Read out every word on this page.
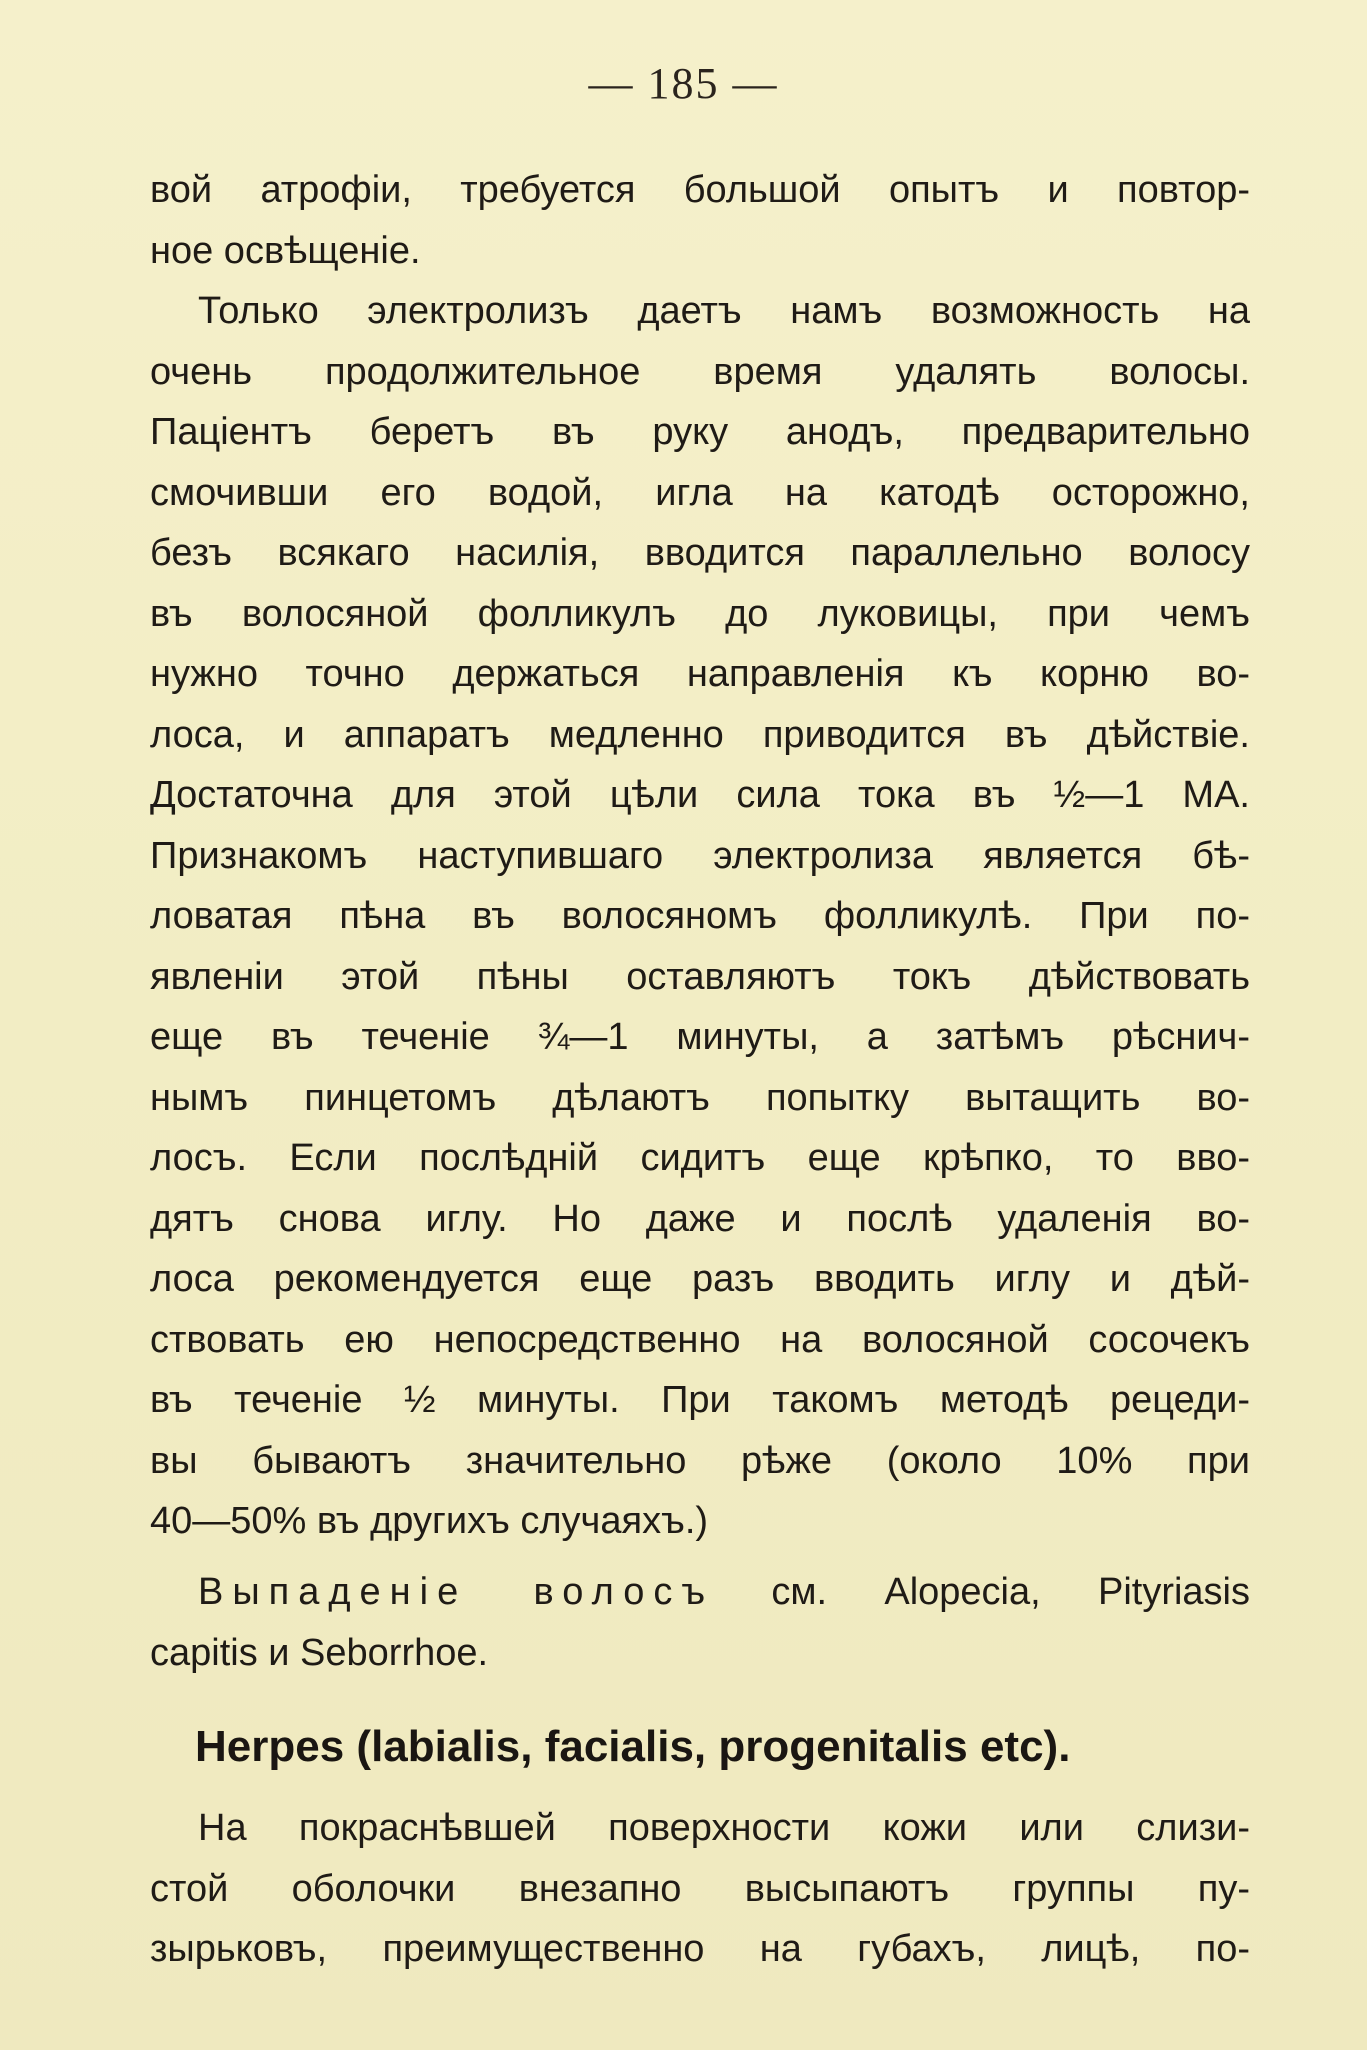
— 185 —
вой атрофіи, требуется большой опытъ и повтор-
ное освѣщеніе.
Только электролизъ даетъ намъ возможность на
очень продолжительное время удалять волосы.
Паціентъ беретъ въ руку анодъ, предварительно
смочивши его водой, игла на катодѣ осторожно,
безъ всякаго насилія, вводится параллельно волосу
въ волосяной фолликулъ до луковицы, при чемъ
нужно точно держаться направленія къ корню во-
лоса, и аппаратъ медленно приводится въ дѣйствіе.
Достаточна для этой цѣли сила тока въ ½—1 МА.
Признакомъ наступившаго электролиза является бѣ-
ловатая пѣна въ волосяномъ фолликулѣ. При по-
явленіи этой пѣны оставляютъ токъ дѣйствовать
еще въ теченіе ¾—1 минуты, а затѣмъ рѣснич-
нымъ пинцетомъ дѣлаютъ попытку вытащить во-
лосъ. Если послѣдній сидитъ еще крѣпко, то вво-
дятъ снова иглу. Но даже и послѣ удаленія во-
лоса рекомендуется еще разъ вводить иглу и дѣй-
ствовать ею непосредственно на волосяной сосочекъ
въ теченіе ½ минуты. При такомъ методѣ рецеди-
вы бываютъ значительно рѣже (около 10% при
40—50% въ другихъ случаяхъ.)
Выпаденіе волосъ см. Alopecia, Pityriasis
capitis и Seborrhoe.
Herpes (labialis, facialis, progenitalis etc).
На покраснѣвшей поверхности кожи или слизи-
стой оболочки внезапно высыпаютъ группы пу-
зырьковъ, преимущественно на губахъ, лицѣ, по-
